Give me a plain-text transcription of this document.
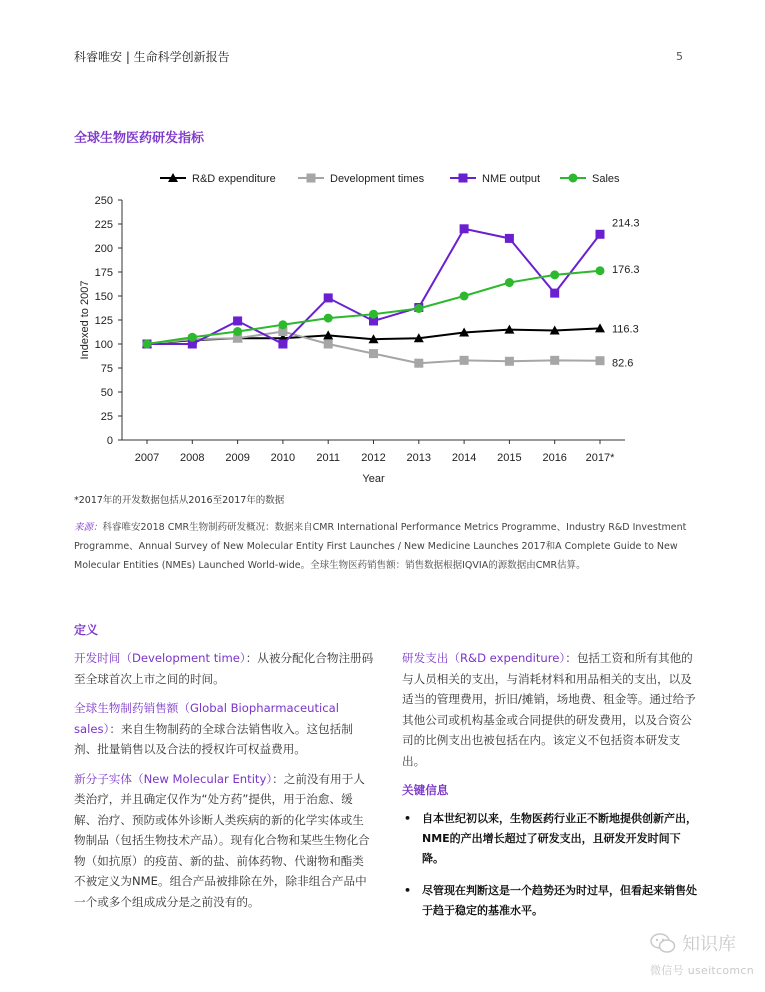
科睿唯安 | 生命科学创新报告	5
全球生物医药研发指标
0
25
50
75
100
125
150
175
200
225
250
2007 2008 2009 2010 2011 2012 2013 2014 2015 2016 2017*
Year
Indexed to 2007
R&D expenditure	Development times	NME output	Sales
116.3
82.6
214.3
176.3
*2017年的开发数据包括从2016至2017年的数据
来源：科睿唯安2018 CMR生物制药研发概况：数据来自CMR International Performance Metrics Programme、Industry R&D Investment Programme、Annual Survey of New Molecular Entity First Launches / New Medicine Launches 2017和A Complete Guide to New Molecular Entities (NMEs) Launched World-wide。全球生物医药销售额：销售数据根据IQVIA的源数据由CMR估算。
定义

开发时间（Development time）：从被分配化合物注册码至全球首次上市之间的时间。

全球生物制药销售额（Global Biopharmaceutical sales）：来自生物制药的全球合法销售收入。这包括制剂、批量销售以及合法的授权许可权益费用。

新分子实体（New Molecular Entity）：之前没有用于人类治疗，并且确定仅作为“处方药”提供，用于治愈、缓解、治疗、预防或体外诊断人类疾病的新的化学实体或生物制品（包括生物技术产品）。现有化合物和某些生物化合物（如抗原）的疫苗、新的盐、前体药物、代谢物和酯类不被定义为NME。组合产品被排除在外，除非组合产品中一个或多个组成成分是之前没有的。

研发支出（R&D expenditure）：包括工资和所有其他的与人员相关的支出，与消耗材料和用品相关的支出，以及适当的管理费用，折旧/摊销，场地费、租金等。通过给予其他公司或机构基金或合同提供的研发费用，以及合资公司的比例支出也被包括在内。该定义不包括资本研发支出。

关键信息
• 自本世纪初以来，生物医药行业正不断地提供创新产出，NME的产出增长超过了研发支出，且研发开发时间下降。
• 尽管现在判断这是一个趋势还为时过早，但看起来销售处于趋于稳定的基准水平。
知识库
微信号 useitcomcn
